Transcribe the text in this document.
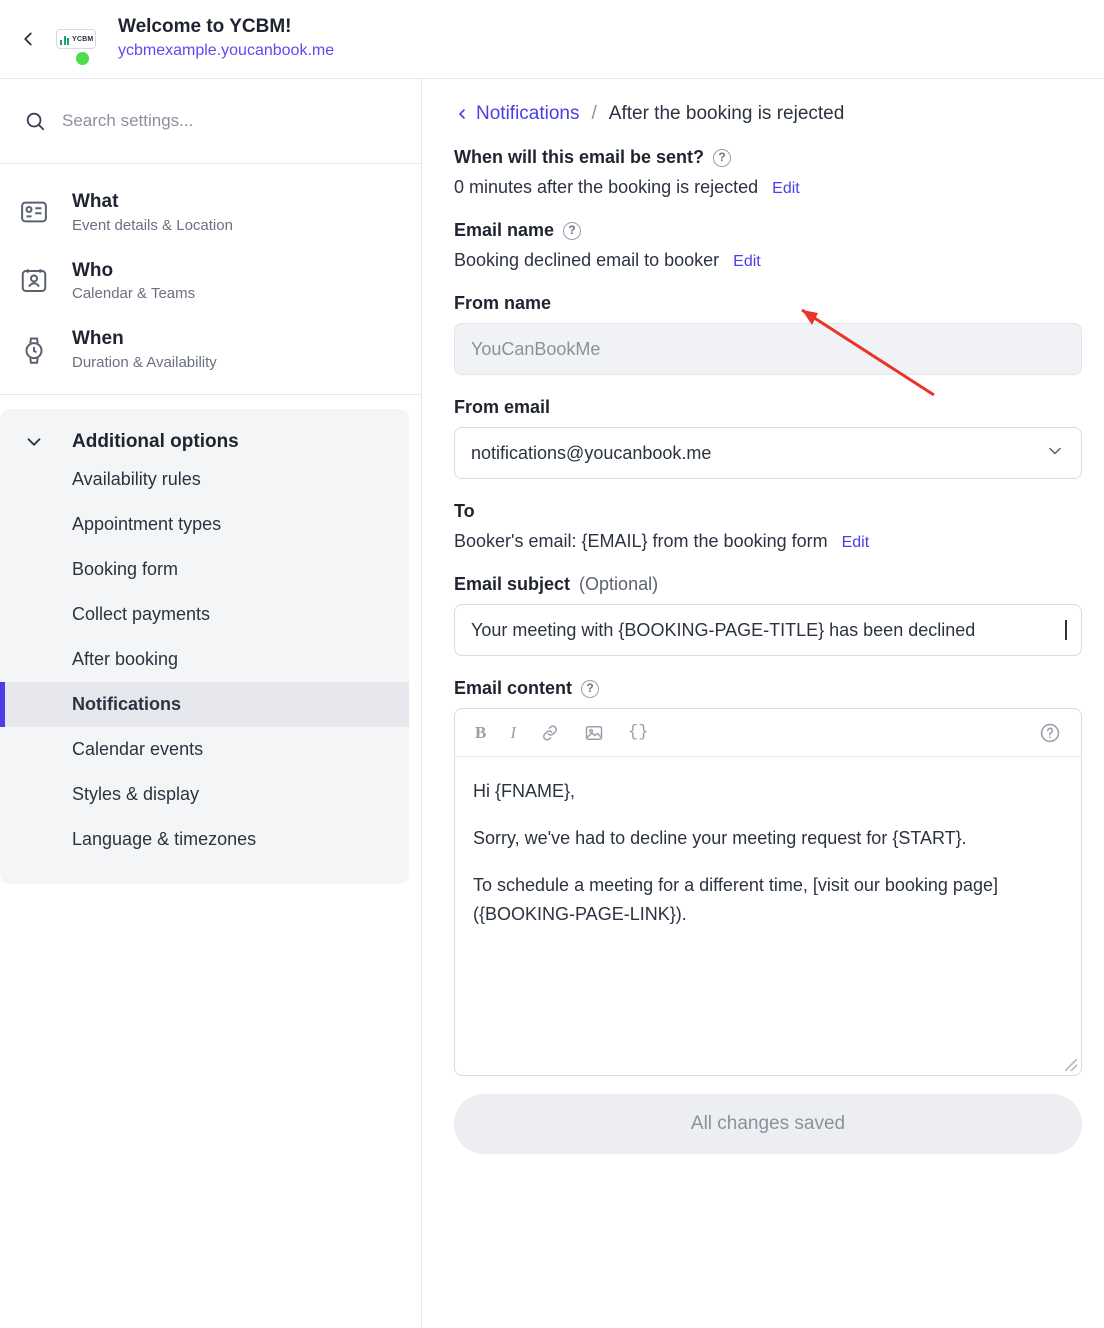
YCBM
Welcome to YCBM!
ycbmexample.youcanbook.me
Search settings...
What
Event details & Location
Who
Calendar & Teams
When
Duration & Availability
Additional options
Availability rules
Appointment types
Booking form
Collect payments
After booking
Notifications
Calendar events
Styles & display
Language & timezones
Notifications / After the booking is rejected
When will this email be sent?	?
0 minutes after the booking is rejected Edit
Email name	?
Booking declined email to booker Edit
From name
YouCanBookMe
From email
notifications@youcanbook.me
To
Booker's email: {EMAIL} from the booking form Edit
Email subject (Optional)
Your meeting with {BOOKING-PAGE-TITLE} has been declined
Email content	?
B I	{}

Hi {FNAME},

Sorry, we've had to decline your meeting request for {START}.

To schedule a meeting for a different time, [visit our booking page]({BOOKING-PAGE-LINK}).

All changes saved
